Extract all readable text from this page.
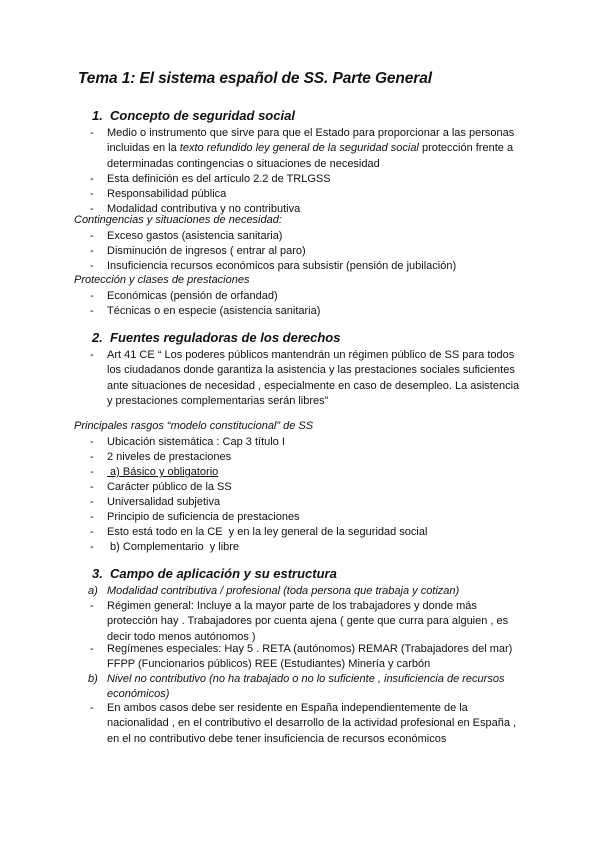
Tema 1: El sistema español de SS. Parte General
1. Concepto de seguridad social
-	Medio o instrumento que sirve para que el Estado para proporcionar a las personas incluidas en la texto refundido ley general de la seguridad social protección frente a determinadas contingencias o situaciones de necesidad
-	Esta definición es del artículo 2.2 de TRLGSS
-	Responsabilidad pública
-	Modalidad contributiva y no contributiva
Contingencias y situaciones de necesidad:
-	Exceso gastos (asistencia sanitaria)
-	Disminución de ingresos ( entrar al paro)
-	Insuficiencia recursos económicos para subsistir (pensión de jubilación)
Protección y clases de prestaciones
-	Económicas (pensión de orfandad)
-	Técnicas o en especie (asistencia sanitaria)
2. Fuentes reguladoras de los derechos
-	Art 41 CE “ Los poderes públicos mantendrán un régimen público de SS para todos los ciudadanos donde garantiza la asistencia y las prestaciones sociales suficientes ante situaciones de necesidad , especialmente en caso de desempleo. La asistencia y prestaciones complementarias serán libres”
Principales rasgos “modelo constitucional” de SS
-	Ubicación sistemática : Cap 3 título I
-	2 niveles de prestaciones
-	a) Básico y obligatorio
-	Carácter público de la SS
-	Universalidad subjetiva
-	Principio de suficiencia de prestaciones
-	Esto está todo en la CE  y en la ley general de la seguridad social
-	b) Complementario  y libre
3. Campo de aplicación y su estructura
a) Modalidad contributiva / profesional (toda persona que trabaja y cotizan)
-	Régimen general: Incluye a la mayor parte de los trabajadores y donde más protección hay . Trabajadores por cuenta ajena ( gente que curra para alguien , es decir todo menos autónomos )
-	Regímenes especiales: Hay 5 . RETA (autónomos) REMAR (Trabajadores del mar) FFPP (Funcionarios públicos) REE (Estudiantes) Minería y carbón
b) Nivel no contributivo (no ha trabajado o no lo suficiente , insuficiencia de recursos económicos)
-	En ambos casos debe ser residente en España independientemente de la nacionalidad , en el contributivo el desarrollo de la actividad profesional en España , en el no contributivo debe tener insuficiencia de recursos económicos
